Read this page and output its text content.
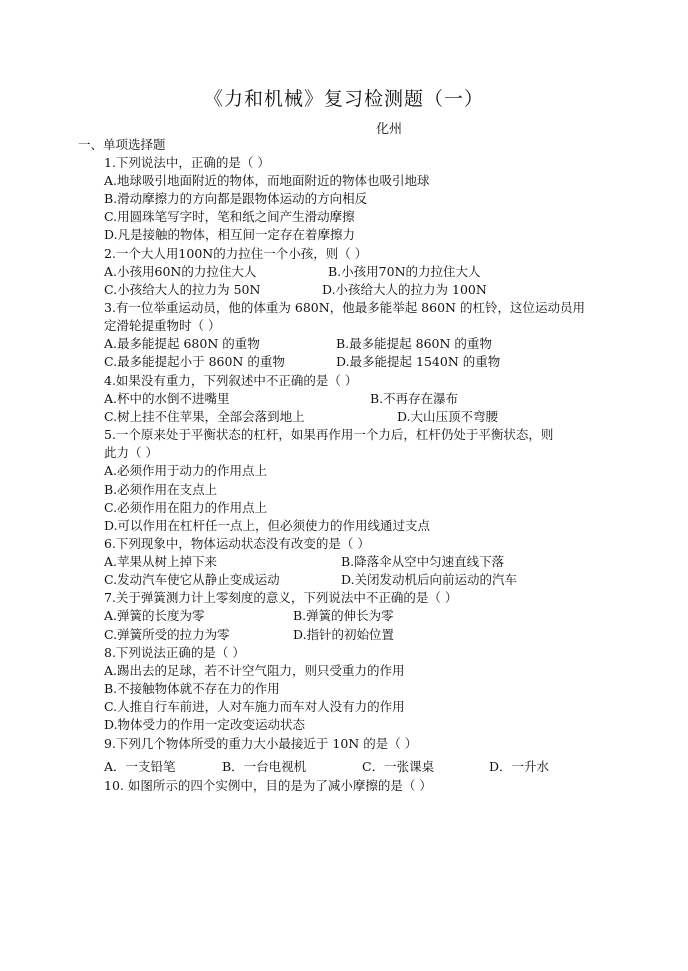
《力和机械》复习检测题（一）
化州
一、单项选择题
1.下列说法中，正确的是（ ）
A.地球吸引地面附近的物体，而地面附近的物体也吸引地球
B.滑动摩擦力的方向都是跟物体运动的方向相反
C.用圆珠笔写字时，笔和纸之间产生滑动摩擦
D.凡是接触的物体，相互间一定存在着摩擦力
2.一个大人用100N的力拉住一个小孩，则（ ）
A.小孩用60N的力拉住大人	B.小孩用70N的力拉住大人
C.小孩给大人的拉力为 50N	D.小孩给大人的拉力为 100N
3.有一位举重运动员，他的体重为 680N，他最多能举起 860N 的杠铃，这位运动员用
定滑轮提重物时（ ）
A.最多能提起 680N 的重物	B.最多能提起 860N 的重物
C.最多能提起小于 860N 的重物	D.最多能提起 1540N 的重物
4.如果没有重力，下列叙述中不正确的是（ ）
A.杯中的水倒不进嘴里	B.不再存在瀑布
C.树上挂不住苹果，全部会落到地上	D.大山压顶不弯腰
5.一个原来处于平衡状态的杠杆，如果再作用一个力后，杠杆仍处于平衡状态，则
此力（ ）
A.必须作用于动力的作用点上
B.必须作用在支点上
C.必须作用在阻力的作用点上
D.可以作用在杠杆任一点上，但必须使力的作用线通过支点
6.下列现象中，物体运动状态没有改变的是（ ）
A.苹果从树上掉下来	B.降落伞从空中匀速直线下落
C.发动汽车使它从静止变成运动	D.关闭发动机后向前运动的汽车
7.关于弹簧测力计上零刻度的意义，下列说法中不正确的是（ ）
A.弹簧的长度为零	B.弹簧的伸长为零
C.弹簧所受的拉力为零	D.指针的初始位置
8.下列说法正确的是（ ）
A.踢出去的足球，若不计空气阻力，则只受重力的作用
B.不接触物体就不存在力的作用
C.人推自行车前进，人对车施力而车对人没有力的作用
D.物体受力的作用一定改变运动状态
9.下列几个物体所受的重力大小最接近于 10N 的是（ ）
A．一支铅笔	B．一台电视机	C．一张课桌	D．一升水
10. 如图所示的四个实例中，目的是为了减小摩擦的是（ ）
